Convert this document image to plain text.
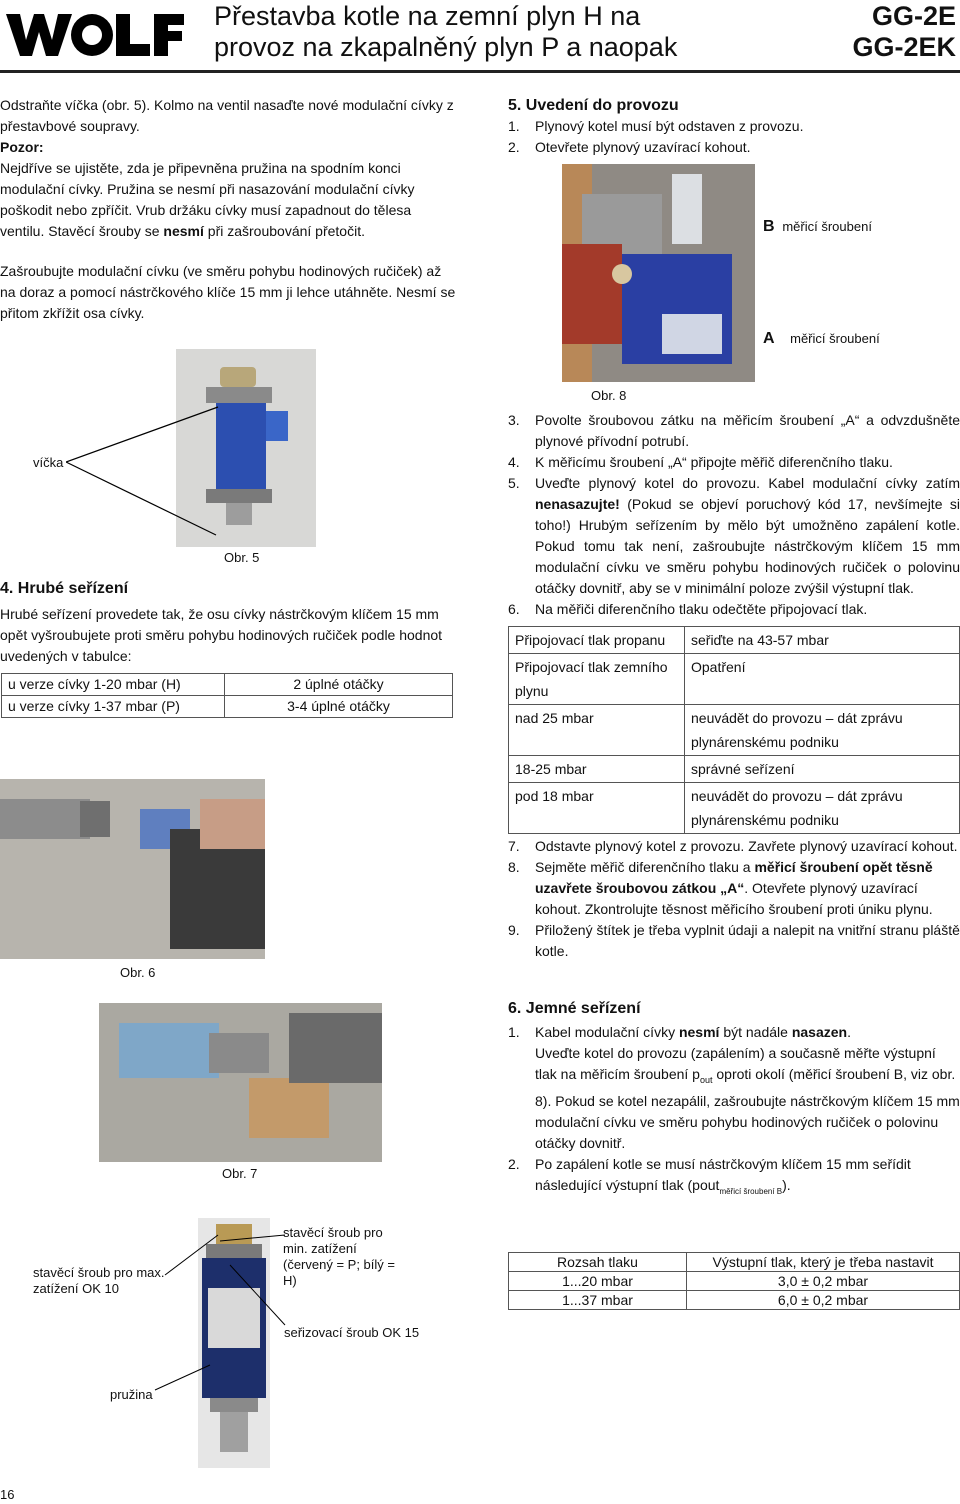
Přestavba kotle na zemní plyn H na
provoz na zkapalněný plyn P a naopak
GG-2E
GG-2EK

Odstraňte víčka (obr. 5). Kolmo na ventil nasaďte nové modulační cívky z přestavbové soupravy.

Pozor:

Nejdříve se ujistěte, zda je připevněna pružina na spodním konci modulační cívky. Pružina se nesmí při nasazování modulační cívky poškodit nebo zpříčit. Vrub držáku cívky musí zapadnout do tělesa ventilu. Stavěcí šrouby se nesmí při zašroubování přetočit.

Zašroubujte modulační cívku (ve směru pohybu hodinových ručiček) až na doraz a pomocí nástrčkového klíče 15 mm ji lehce utáhněte. Nesmí se přitom zkřížit osa cívky.

víčka
Obr. 5
4. Hrubé seřízení

Hrubé seřízení provedete tak, že osu cívky nástrčkovým klíčem 15 mm opět vyšroubujete proti směru pohybu hodinových ručiček podle hodnot uvedených v tabulce:

u verze cívky 1-20 mbar (H)	2 úplné otáčky
u verze cívky 1-37 mbar (P)	3-4 úplné otáčky
Obr. 6
Obr. 7
stavěcí šroub pro max. zatížení OK 10
stavěcí šroub pro min. zatížení (červený = P; bílý = H)
seřizovací šroub OK 15
pružina
16
5. Uvedení do provozu
1. Plynový kotel musí být odstaven z provozu.
2. Otevřete plynový uzavírací kohout.
B měřicí šroubení
A měřicí šroubení
Obr. 8
3. Povolte šroubovou zátku na měřicím šroubení „A“ a odvzdušněte plynové přívodní potrubí.
4. K měřicímu šroubení „A“ připojte měřič diferenčního tlaku.
5. Uveďte plynový kotel do provozu. Kabel modulační cívky zatím nenasazujte! (Pokud se objeví poruchový kód 17, nevšímejte si toho!) Hrubým seřízením by mělo být umožněno zapálení kotle. Pokud tomu tak není, zašroubujte nástrčkovým klíčem 15 mm modulační cívku ve směru pohybu hodinových ručiček o polovinu otáčky dovnitř, aby se v minimální poloze zvýšil výstupní tlak.
6. Na měřiči diferenčního tlaku odečtěte připojovací tlak.
Připojovací tlak propanu	seřiďte na 43-57 mbar
Připojovací tlak zemního plynu	Opatření
nad 25 mbar	neuvádět do provozu – dát zprávu plynárenskému podniku
18-25 mbar	správné seřízení
pod 18 mbar	neuvádět do provozu – dát zprávu plynárenskému podniku
7. Odstavte plynový kotel z provozu. Zavřete plynový uzavírací kohout.
8. Sejměte měřič diferenčního tlaku a měřicí šroubení opět těsně uzavřete šroubovou zátkou „A“. Otevřete plynový uzavírací kohout. Zkontrolujte těsnost měřicího šroubení proti úniku plynu.
9. Přiložený štítek je třeba vyplnit údaji a nalepit na vnitřní stranu pláště kotle.
6. Jemné seřízení
1. Kabel modulační cívky nesmí být nadále nasazen.
Uveďte kotel do provozu (zapálením) a současně měřte výstupní tlak na měřicím šroubení $p_{out}$ oproti okolí (měřicí šroubení B, viz obr. 8). Pokud se kotel nezapálil, zašroubujte nástrčkovým klíčem 15 mm modulační cívku ve směru pohybu hodinových ručiček o polovinu otáčky dovnitř.
2. Po zapálení kotle se musí nástrčkovým klíčem 15 mm seřídit následující výstupní tlak (pout$_{měřicí šroubení B}$).
Rozsah tlaku	Výstupní tlak, který je třeba nastavit
1...20 mbar	3,0 ± 0,2 mbar
1...37 mbar	6,0 ± 0,2 mbar
